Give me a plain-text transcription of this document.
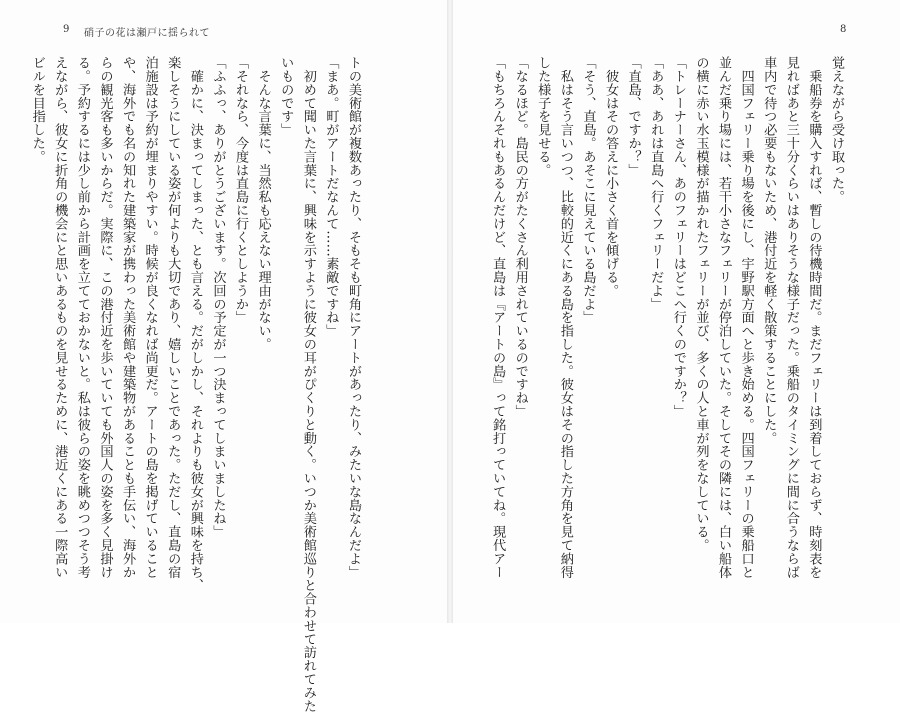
9 硝子の花は瀬戸に揺られて	8

覚えながら受け取った。

　乗船券を購入すれば、暫しの待機時間だ。まだフェリーは到着しておらず、時刻表を

見ればあと三十分くらいはありそうな様子だった。乗船のタイミングに間に合うならば

車内で待つ必要もないため、港付近を軽く散策することにした。

　四国フェリー乗り場を後にし、宇野駅方面へと歩き始める。四国フェリーの乗船口と

並んだ乗り場には、若干小さなフェリーが停泊していた。そしてその隣には、白い船体

の横に赤い水玉模様が描かれたフェリーが並び、多くの人と車が列をなしている。

「トレーナーさん、あのフェリーはどこへ行くのですか？」

「ああ、あれは直島へ行くフェリーだよ」

「直島、ですか？」

　彼女はその答えに小さく首を傾げる。

「そう、直島。あそこに見えている島だよ」

　私はそう言いつつ、比較的近くにある島を指した。彼女はその指した方角を見て納得

した様子を見せる。

「なるほど。島民の方がたくさん利用されているのですね」

「もちろんそれもあるんだけど、直島は『アートの島』って銘打っていてね。現代アー

トの美術館が複数あったり、そもそも町角にアートがあったり、みたいな島なんだよ」

「まあ。町がアートだなんて……素敵ですね」

　初めて聞いた言葉に、興味を示すように彼女の耳がぴくりと動く。いつか美術館巡りと合わせて訪れてみた

いものです」

　そんな言葉に、当然私も応えない理由がない。

「それなら、今度は直島に行くとしようか」

「ふふっ、ありがとうございます。次回の予定が一つ決まってしまいましたね」

　確かに、決まってしまった、とも言える。だがしかし、それよりも彼女が興味を持ち、

楽しそうにしている姿が何よりも大切であり、嬉しいことであった。ただし、直島の宿

泊施設は予約が埋まりやすい。時候が良くなれば尚更だ。アートの島を掲げていること

や、海外でも名の知れた建築家が携わった美術館や建築物があることも手伝い、海外か

らの観光客も多いからだ。実際に、この港付近を歩いていても外国人の姿を多く見掛け

る。予約するには少し前から計画を立てておかないと。私は彼らの姿を眺めつつそう考

えながら、彼女に折角の機会にと思いあるものを見せるために、港近くにある一際高い

ビルを目指した。
